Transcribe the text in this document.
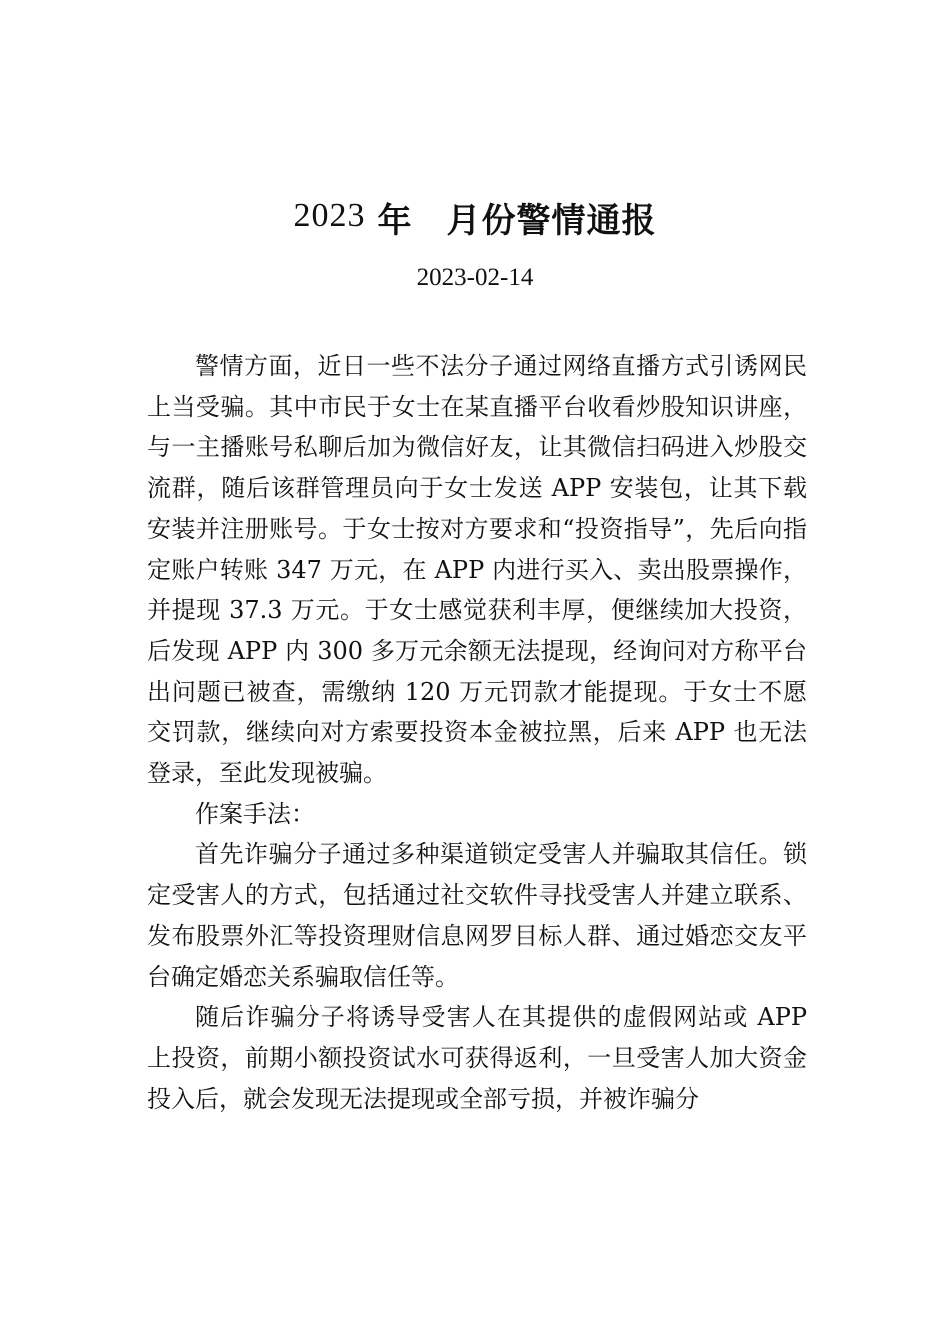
2023 年 月份警情通报
2023-02-14

警情方面，近日一些不法分子通过网络直播方式引诱网民上当受骗。其中市民于女士在某直播平台收看炒股知识讲座，与一主播账号私聊后加为微信好友，让其微信扫码进入炒股交流群，随后该群管理员向于女士发送 APP 安装包，让其下载安装并注册账号。于女士按对方要求和“投资指导”，先后向指定账户转账 347 万元，在 APP 内进行买入、卖出股票操作，并提现 37.3 万元。于女士感觉获利丰厚，便继续加大投资，后发现 APP 内 300 多万元余额无法提现，经询问对方称平台出问题已被查，需缴纳 120 万元罚款才能提现。于女士不愿交罚款，继续向对方索要投资本金被拉黑，后来 APP 也无法登录，至此发现被骗。

作案手法：

首先诈骗分子通过多种渠道锁定受害人并骗取其信任。锁定受害人的方式，包括通过社交软件寻找受害人并建立联系、发布股票外汇等投资理财信息网罗目标人群、通过婚恋交友平台确定婚恋关系骗取信任等。

随后诈骗分子将诱导受害人在其提供的虚假网站或 APP 上投资，前期小额投资试水可获得返利，一旦受害人加大资金投入后，就会发现无法提现或全部亏损，并被诈骗分
